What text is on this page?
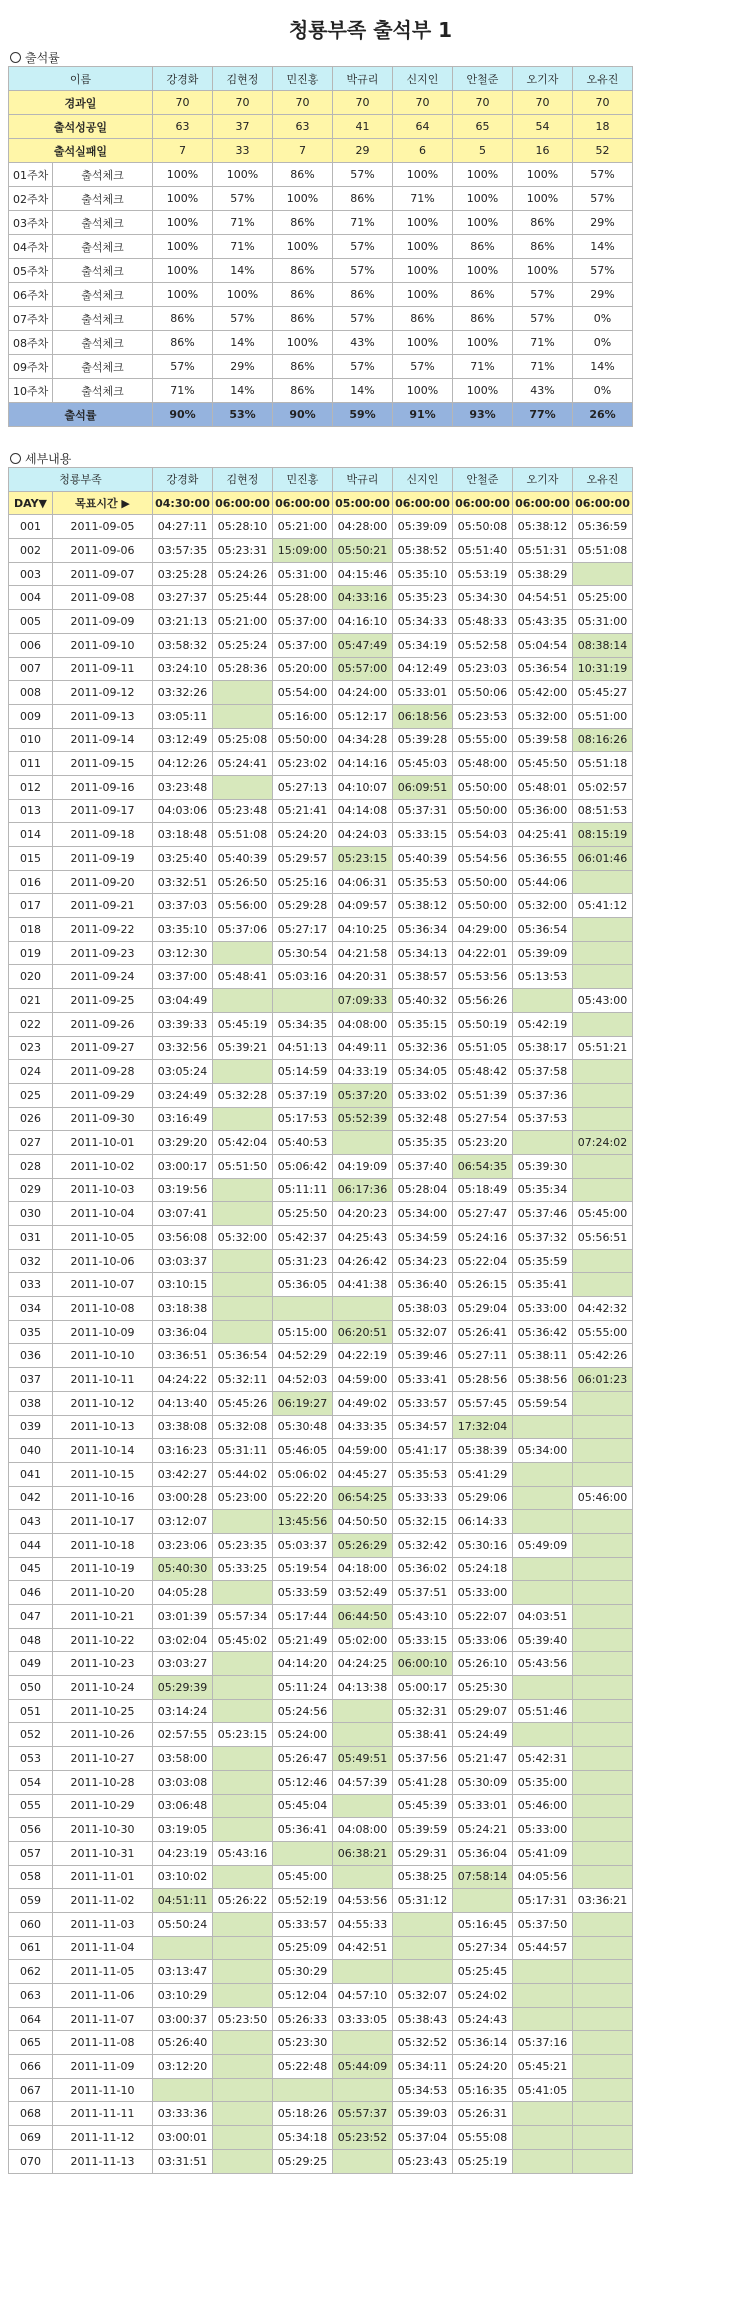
청룡부족 출석부 1
출석률
이름		강경화	김현정	민진홍	박규리	신지인	안철준	오기자	오유진
경과일		70	70	70	70	70	70	70	70
출석성공일		63	37	63	41	64	65	54	18
출석실패일		7	33	7	29	6	5	16	52
01주차	출석체크	100%	100%	86%	57%	100%	100%	100%	57%
02주차	출석체크	100%	57%	100%	86%	71%	100%	100%	57%
03주차	출석체크	100%	71%	86%	71%	100%	100%	86%	29%
04주차	출석체크	100%	71%	100%	57%	100%	86%	86%	14%
05주차	출석체크	100%	14%	86%	57%	100%	100%	100%	57%
06주차	출석체크	100%	100%	86%	86%	100%	86%	57%	29%
07주차	출석체크	86%	57%	86%	57%	86%	86%	57%	0%
08주차	출석체크	86%	14%	100%	43%	100%	100%	71%	0%
09주차	출석체크	57%	29%	86%	57%	57%	71%	71%	14%
10주차	출석체크	71%	14%	86%	14%	100%	100%	43%	0%
출석률		90%	53%	90%	59%	91%	93%	77%	26%
세부내용
청룡부족		강경화	김현정	민진홍	박규리	신지인	안철준	오기자	오유진
DAY▼	목표시간 ▶	04:30:00	06:00:00	06:00:00	05:00:00	06:00:00	06:00:00	06:00:00	06:00:00
001	2011-09-05	04:27:11	05:28:10	05:21:00	04:28:00	05:39:09	05:50:08	05:38:12	05:36:59
002	2011-09-06	03:57:35	05:23:31	15:09:00	05:50:21	05:38:52	05:51:40	05:51:31	05:51:08
003	2011-09-07	03:25:28	05:24:26	05:31:00	04:15:46	05:35:10	05:53:19	05:38:29	
004	2011-09-08	03:27:37	05:25:44	05:28:00	04:33:16	05:35:23	05:34:30	04:54:51	05:25:00
005	2011-09-09	03:21:13	05:21:00	05:37:00	04:16:10	05:34:33	05:48:33	05:43:35	05:31:00
006	2011-09-10	03:58:32	05:25:24	05:37:00	05:47:49	05:34:19	05:52:58	05:04:54	08:38:14
007	2011-09-11	03:24:10	05:28:36	05:20:00	05:57:00	04:12:49	05:23:03	05:36:54	10:31:19
008	2011-09-12	03:32:26		05:54:00	04:24:00	05:33:01	05:50:06	05:42:00	05:45:27
009	2011-09-13	03:05:11		05:16:00	05:12:17	06:18:56	05:23:53	05:32:00	05:51:00
010	2011-09-14	03:12:49	05:25:08	05:50:00	04:34:28	05:39:28	05:55:00	05:39:58	08:16:26
011	2011-09-15	04:12:26	05:24:41	05:23:02	04:14:16	05:45:03	05:48:00	05:45:50	05:51:18
012	2011-09-16	03:23:48		05:27:13	04:10:07	06:09:51	05:50:00	05:48:01	05:02:57
013	2011-09-17	04:03:06	05:23:48	05:21:41	04:14:08	05:37:31	05:50:00	05:36:00	08:51:53
014	2011-09-18	03:18:48	05:51:08	05:24:20	04:24:03	05:33:15	05:54:03	04:25:41	08:15:19
015	2011-09-19	03:25:40	05:40:39	05:29:57	05:23:15	05:40:39	05:54:56	05:36:55	06:01:46
016	2011-09-20	03:32:51	05:26:50	05:25:16	04:06:31	05:35:53	05:50:00	05:44:06	
017	2011-09-21	03:37:03	05:56:00	05:29:28	04:09:57	05:38:12	05:50:00	05:32:00	05:41:12
018	2011-09-22	03:35:10	05:37:06	05:27:17	04:10:25	05:36:34	04:29:00	05:36:54	
019	2011-09-23	03:12:30		05:30:54	04:21:58	05:34:13	04:22:01	05:39:09	
020	2011-09-24	03:37:00	05:48:41	05:03:16	04:20:31	05:38:57	05:53:56	05:13:53	
021	2011-09-25	03:04:49			07:09:33	05:40:32	05:56:26		05:43:00
022	2011-09-26	03:39:33	05:45:19	05:34:35	04:08:00	05:35:15	05:50:19	05:42:19	
023	2011-09-27	03:32:56	05:39:21	04:51:13	04:49:11	05:32:36	05:51:05	05:38:17	05:51:21
024	2011-09-28	03:05:24		05:14:59	04:33:19	05:34:05	05:48:42	05:37:58	
025	2011-09-29	03:24:49	05:32:28	05:37:19	05:37:20	05:33:02	05:51:39	05:37:36	
026	2011-09-30	03:16:49		05:17:53	05:52:39	05:32:48	05:27:54	05:37:53	
027	2011-10-01	03:29:20	05:42:04	05:40:53		05:35:35	05:23:20		07:24:02
028	2011-10-02	03:00:17	05:51:50	05:06:42	04:19:09	05:37:40	06:54:35	05:39:30	
029	2011-10-03	03:19:56		05:11:11	06:17:36	05:28:04	05:18:49	05:35:34	
030	2011-10-04	03:07:41		05:25:50	04:20:23	05:34:00	05:27:47	05:37:46	05:45:00
031	2011-10-05	03:56:08	05:32:00	05:42:37	04:25:43	05:34:59	05:24:16	05:37:32	05:56:51
032	2011-10-06	03:03:37		05:31:23	04:26:42	05:34:23	05:22:04	05:35:59	
033	2011-10-07	03:10:15		05:36:05	04:41:38	05:36:40	05:26:15	05:35:41	
034	2011-10-08	03:18:38				05:38:03	05:29:04	05:33:00	04:42:32
035	2011-10-09	03:36:04		05:15:00	06:20:51	05:32:07	05:26:41	05:36:42	05:55:00
036	2011-10-10	03:36:51	05:36:54	04:52:29	04:22:19	05:39:46	05:27:11	05:38:11	05:42:26
037	2011-10-11	04:24:22	05:32:11	04:52:03	04:59:00	05:33:41	05:28:56	05:38:56	06:01:23
038	2011-10-12	04:13:40	05:45:26	06:19:27	04:49:02	05:33:57	05:57:45	05:59:54	
039	2011-10-13	03:38:08	05:32:08	05:30:48	04:33:35	05:34:57	17:32:04		
040	2011-10-14	03:16:23	05:31:11	05:46:05	04:59:00	05:41:17	05:38:39	05:34:00	
041	2011-10-15	03:42:27	05:44:02	05:06:02	04:45:27	05:35:53	05:41:29		
042	2011-10-16	03:00:28	05:23:00	05:22:20	06:54:25	05:33:33	05:29:06		05:46:00
043	2011-10-17	03:12:07		13:45:56	04:50:50	05:32:15	06:14:33		
044	2011-10-18	03:23:06	05:23:35	05:03:37	05:26:29	05:32:42	05:30:16	05:49:09	
045	2011-10-19	05:40:30	05:33:25	05:19:54	04:18:00	05:36:02	05:24:18		
046	2011-10-20	04:05:28		05:33:59	03:52:49	05:37:51	05:33:00		
047	2011-10-21	03:01:39	05:57:34	05:17:44	06:44:50	05:43:10	05:22:07	04:03:51	
048	2011-10-22	03:02:04	05:45:02	05:21:49	05:02:00	05:33:15	05:33:06	05:39:40	
049	2011-10-23	03:03:27		04:14:20	04:24:25	06:00:10	05:26:10	05:43:56	
050	2011-10-24	05:29:39		05:11:24	04:13:38	05:00:17	05:25:30		
051	2011-10-25	03:14:24		05:24:56		05:32:31	05:29:07	05:51:46	
052	2011-10-26	02:57:55	05:23:15	05:24:00		05:38:41	05:24:49		
053	2011-10-27	03:58:00		05:26:47	05:49:51	05:37:56	05:21:47	05:42:31	
054	2011-10-28	03:03:08		05:12:46	04:57:39	05:41:28	05:30:09	05:35:00	
055	2011-10-29	03:06:48		05:45:04		05:45:39	05:33:01	05:46:00	
056	2011-10-30	03:19:05		05:36:41	04:08:00	05:39:59	05:24:21	05:33:00	
057	2011-10-31	04:23:19	05:43:16		06:38:21	05:29:31	05:36:04	05:41:09	
058	2011-11-01	03:10:02		05:45:00		05:38:25	07:58:14	04:05:56	
059	2011-11-02	04:51:11	05:26:22	05:52:19	04:53:56	05:31:12		05:17:31	03:36:21
060	2011-11-03	05:50:24		05:33:57	04:55:33		05:16:45	05:37:50	
061	2011-11-04			05:25:09	04:42:51		05:27:34	05:44:57	
062	2011-11-05	03:13:47		05:30:29			05:25:45		
063	2011-11-06	03:10:29		05:12:04	04:57:10	05:32:07	05:24:02		
064	2011-11-07	03:00:37	05:23:50	05:26:33	03:33:05	05:38:43	05:24:43		
065	2011-11-08	05:26:40		05:23:30		05:32:52	05:36:14	05:37:16	
066	2011-11-09	03:12:20		05:22:48	05:44:09	05:34:11	05:24:20	05:45:21	
067	2011-11-10					05:34:53	05:16:35	05:41:05	
068	2011-11-11	03:33:36		05:18:26	05:57:37	05:39:03	05:26:31		
069	2011-11-12	03:00:01		05:34:18	05:23:52	05:37:04	05:55:08		
070	2011-11-13	03:31:51		05:29:25		05:23:43	05:25:19		
